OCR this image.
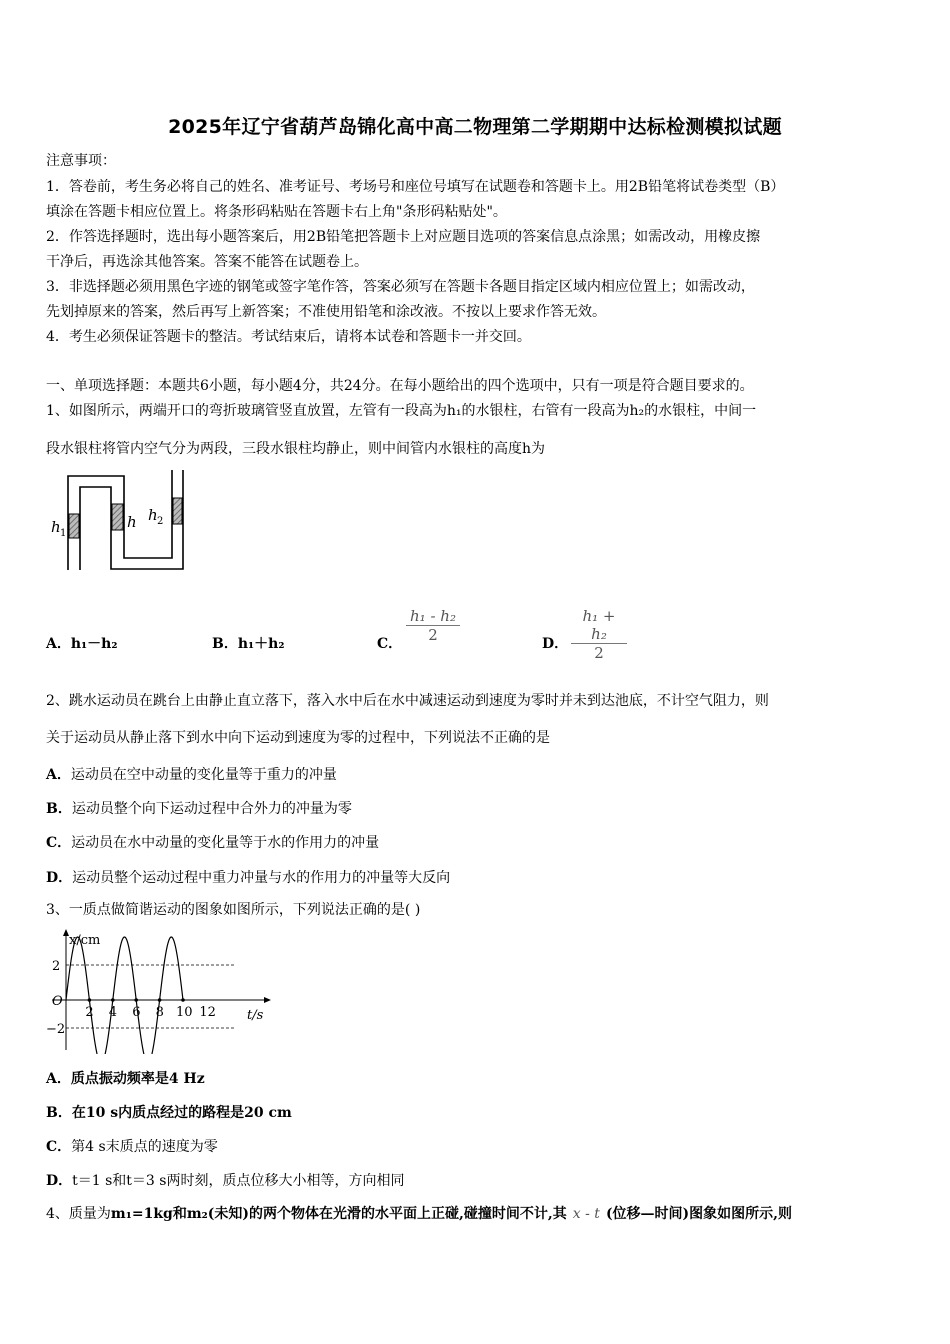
2025年辽宁省葫芦岛锦化高中高二物理第二学期期中达标检测模拟试题
注意事项：
1．答卷前，考生务必将自己的姓名、准考证号、考场号和座位号填写在试题卷和答题卡上。用2B铅笔将试卷类型（B）
填涂在答题卡相应位置上。将条形码粘贴在答题卡右上角"条形码粘贴处"。
2．作答选择题时，选出每小题答案后，用2B铅笔把答题卡上对应题目选项的答案信息点涂黑；如需改动，用橡皮擦
干净后，再选涂其他答案。答案不能答在试题卷上。
3．非选择题必须用黑色字迹的钢笔或签字笔作答，答案必须写在答题卡各题目指定区域内相应位置上；如需改动，
先划掉原来的答案，然后再写上新答案；不准使用铅笔和涂改液。不按以上要求作答无效。
4．考生必须保证答题卡的整洁。考试结束后，请将本试卷和答题卡一并交回。
一、单项选择题：本题共6小题，每小题4分，共24分。在每小题给出的四个选项中，只有一项是符合题目要求的。
1、如图所示，两端开口的弯折玻璃管竖直放置，左管有一段高为h₁的水银柱，右管有一段高为h₂的水银柱，中间一
段水银柱将管内空气分为两段，三段水银柱均静止，则中间管内水银柱的高度h为
h 1
h h 2
A．h₁－h₂	B．h₁＋h₂	C． $\frac{\text{h₁ - h₂}}{2}$	D． $\frac{\text{h₁ + h₂}}{2}$
2、跳水运动员在跳台上由静止直立落下，落入水中后在水中减速运动到速度为零时并未到达池底，不计空气阻力，则
关于运动员从静止落下到水中向下运动到速度为零的过程中，下列说法不正确的是
A．运动员在空中动量的变化量等于重力的冲量
B．运动员整个向下运动过程中合外力的冲量为零
C．运动员在水中动量的变化量等于水的作用力的冲量
D．运动员整个运动过程中重力冲量与水的作用力的冲量等大反向
3、一质点做简谐运动的图象如图所示，下列说法正确的是( )
x/cm
t/s
O
2
−2
2 4 6 8 10 12
A．质点振动频率是4 Hz
B．在10 s内质点经过的路程是20 cm
C．第4 s末质点的速度为零
D．t＝1 s和t＝3 s两时刻，质点位移大小相等，方向相同
4、质量为m₁=1kg和m₂(未知)的两个物体在光滑的水平面上正碰,碰撞时间不计,其 x - t (位移—时间)图象如图所示,则
